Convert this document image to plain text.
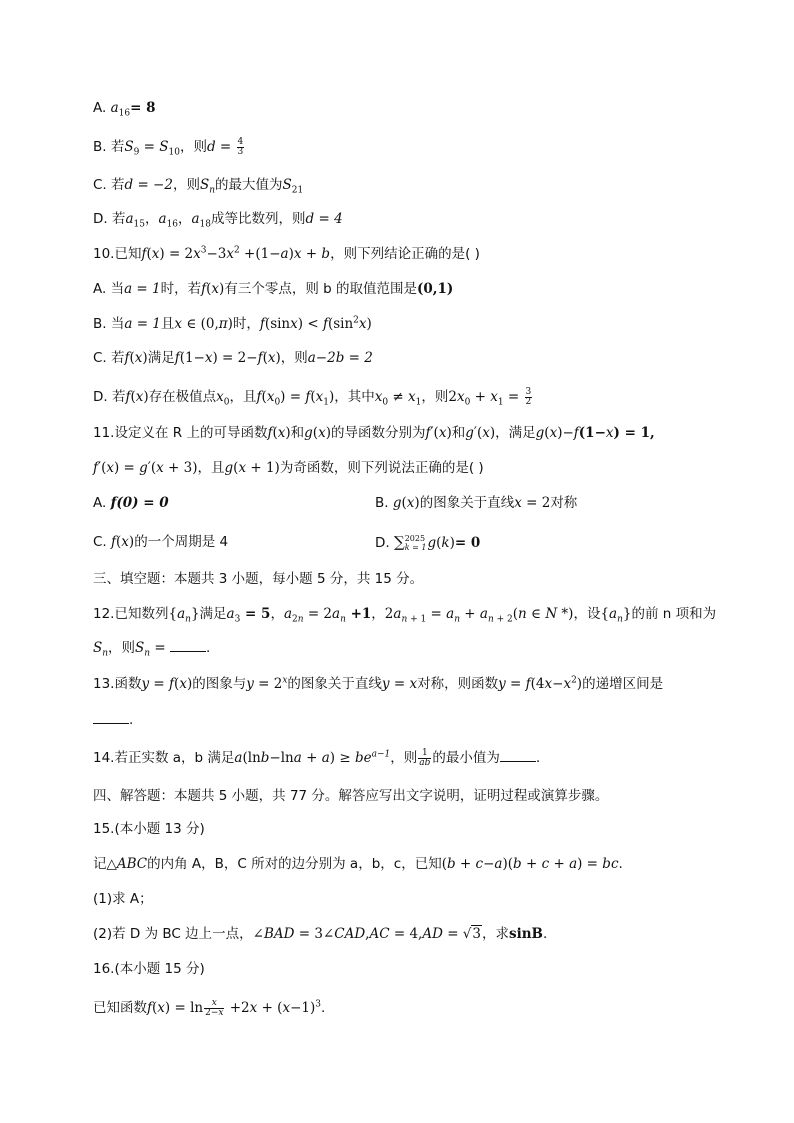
A. $a_{16}= 8$
B. 若$S_9 = S_{10}$，则$d = \frac{4}{3}$
C. 若d = −2，则$S_n$的最大值为$S_{21}$
D. 若$a_{15}$，$a_{16}$，$a_{18}$成等比数列，则d = 4
10.已知$f(x) = 2x^3-3x^2 +(1-a)x + b$，则下列结论正确的是( )
A. 当a = 1时，若f(x)有三个零点，则 b 的取值范围是(0,1)
B. 当a = 1且x ∈ (0,π)时，$f(\sin x) < f(\sin^2x)$
C. 若f(x)满足f(1−x) = 2−f(x)，则a−2b = 2
D. 若f(x)存在极值点$x_0$，且$f(x_0) = f(x_1)$，其中$x_0 \ne x_1$，则$2x_0 + x_1 = \frac{3}{2}$
11.设定义在 R 上的可导函数f(x)和g(x)的导函数分别为f′(x)和g′(x)，满足g(x)−f(1−x) = 1,
f′(x) = g′(x + 3)，且g(x + 1)为奇函数，则下列说法正确的是( )
A. f(0) = 0	B. g(x)的图象关于直线x = 2对称
C. f(x)的一个周期是 4	D. ∑ 2025
k = 1 g(k)= 0
三、填空题：本题共 3 小题，每小题 5 分，共 15 分。
12.已知数列$\{a_n\}$满足$a_3 = 5$，$a_{2n} = 2a_n +1$，$2a_n$ $_{+ 1} = a_n + a_n$ $_{+ 2}$(n ∈ N *)，设$\{a_n\}$的前 n 项和为
$S_n$，则$S_n$ =	.
13.函数y = f(x)的图象与$y = 2^x$的图象关于直线y = x对称，则函数$y = f(4x-x^2)$的递增区间是
.
14.若正实数 a，b 满足$a(\ln b-\ln a + a) \ge be^{a-1}$，则 $\frac{1}{ab}$ 的最小值为	.
四、解答题：本题共 5 小题，共 77 分。解答应写出文字说明，证明过程或演算步骤。
15.(本小题 13 分)
记△ABC的内角 A，B，C 所对的边分别为 a，b，c，已知(b + c−a)(b + c + a) = bc.
(1)求 A；
(2)若 D 为 BC 边上一点，∠BAD = 3∠CAD,AC = 4,AD = √3，求sinB.
16.(本小题 15 分)
已知函数$f(x) = \ln \frac{x}{2-x} +2x + (x-1)^3$.
